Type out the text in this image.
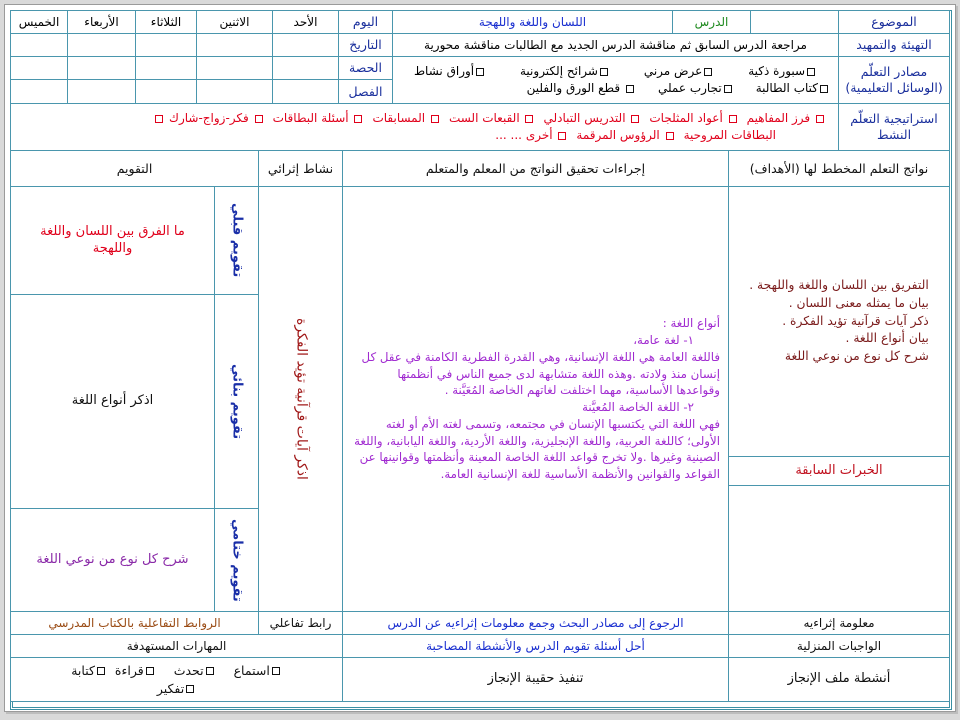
الموضوع
الدرس
اللسان واللغة واللهجة
اليوم
الأحد
الاثنين
الثلاثاء
الأربعاء
الخميس
التهيئة والتمهيد
مراجعة الدرس السابق ثم مناقشة الدرس الجديد مع الطالبات مناقشة محورية
التاريخ
مصادر التعلّم
(الوسائل التعليمية)
سبورة ذكية
عرض مرني
شرائح إلكترونية
أوراق نشاط
كتاب الطالبة
تجارب عملي
قطع الورق والفلين
الحصة
الفصل
استراتيجية التعلّم
النشط
فرز المفاهيم
أعواد المثلجات
التدريس التبادلي
القبعات الست
المسابقات
أسئلة البطاقات
فكر-زواج-شارك
البطاقات المروحية
الرؤوس المرقمة
أخرى ... ...
نواتج التعلم المخطط لها (الأهداف)
إجراءات تحقيق النواتج من المعلم والمتعلم
نشاط إثرائي
التقويم
التفريق بين اللسان واللغة واللهجة .
بيان ما يمثله معنى اللسان .
ذكر آيات قرآنية تؤيد الفكرة .
بيان أنواع اللغة .
شرح كل نوع من نوعي اللغة
الخبرات السابقة
أنواع اللغة :
١- لغة عامة،
فاللغة العامة هي اللغة الإنسانية، وهي القدرة الفطرية الكامنة في عقل كل إنسان منذ ولادته .وهذه اللغة متشابهة لدى جميع الناس في أنظمتها وقواعدها الأساسية، مهما اختلفت لغاتهم الخاصة المُعَيَّنة .
٢- اللغة الخاصة المُعيَّنة
فهي اللغة التي يكتسبها الإنسان في مجتمعه، وتسمى لغته الأم أو لغته الأولى؛ كاللغة العربية، واللغة الإنجليزية، واللغة الأردية، واللغة اليابانية، واللغة الصينية وغيرها .ولا تخرج قواعد اللغة الخاصة المعينة وأنظمتها وقوانينها عن القواعد والقوانين والأنظمة الأساسية للغة الإنسانية العامة.
اذكر آيات قرآنية تؤيد الفكرة
تقويم قبلي
ما الفرق بين اللسان واللغة واللهجة
تقويم بنائي
اذكر أنواع اللغة
تقويم ختامي
شرح كل نوع من نوعي اللغة
معلومة إثراءيه
الرجوع إلى مصادر البحث وجمع معلومات إثراءيه عن الدرس
رابط تفاعلي
الروابط التفاعلية بالكتاب المدرسي
الواجبات المنزلية
أحل أسئلة تقويم الدرس والأنشطة المصاحبة
المهارات المستهدفة
أنشطة ملف الإنجاز
تنفيذ حقيبة الإنجاز
استماع
تحدث
قراءة
كتابة
تفكير
